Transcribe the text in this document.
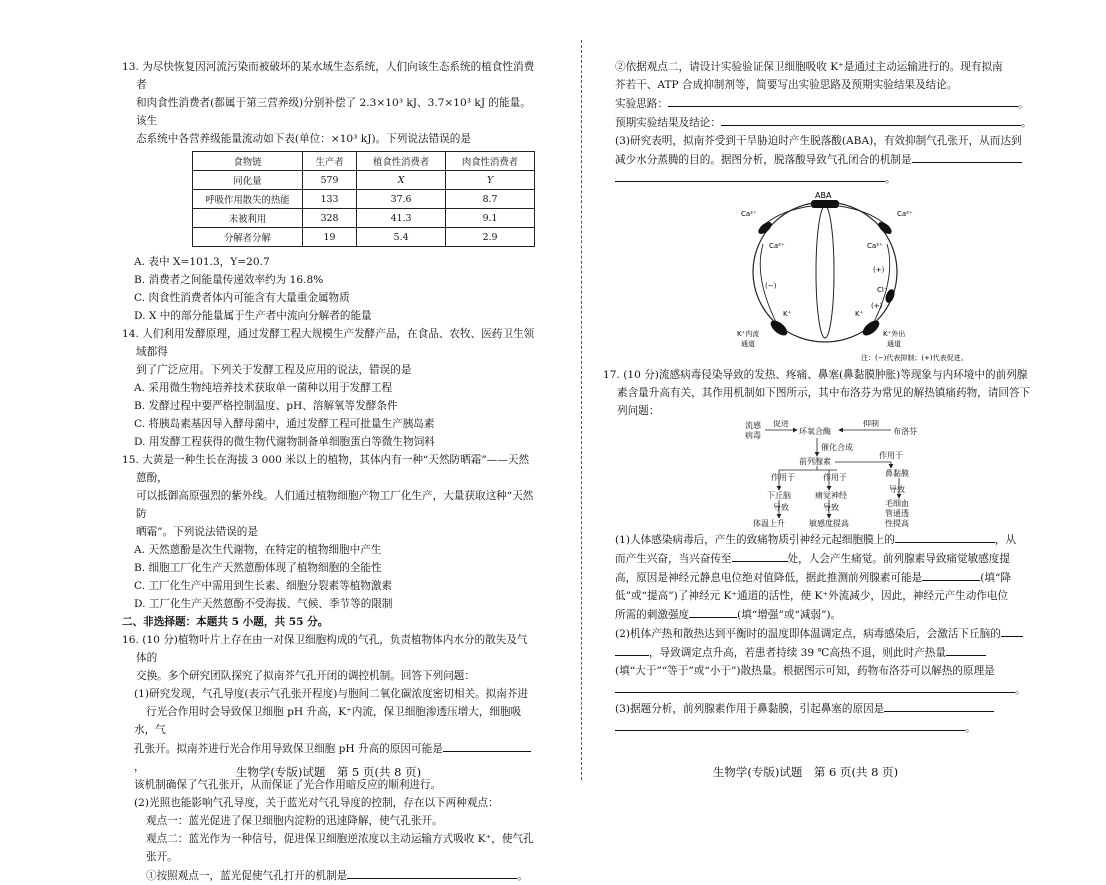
13. 为尽快恢复因河流污染而被破坏的某水域生态系统，人们向该生态系统的植食性消费者
和肉食性消费者(都属于第三营养级)分别补偿了 2.3×10³ kJ、3.7×10³ kJ 的能量。该生
态系统中各营养级能量流动如下表(单位：×10³ kJ)。下列说法错误的是

食物链	生产者	植食性消费者	肉食性消费者
同化量	579	X	Y
呼吸作用散失的热能	133	37.6	8.7
未被利用	328	41.3	9.1
分解者分解	19	5.4	2.9

A. 表中 X=101.3，Y=20.7

B. 消费者之间能量传递效率约为 16.8%

C. 肉食性消费者体内可能含有大量重金属物质

D. X 中的部分能量属于生产者中流向分解者的能量

14. 人们利用发酵原理，通过发酵工程大规模生产发酵产品，在食品、农牧、医药卫生领域都得
到了广泛应用。下列关于发酵工程及应用的说法，错误的是

A. 采用微生物纯培养技术获取单一菌种以用于发酵工程

B. 发酵过程中要严格控制温度、pH、溶解氧等发酵条件

C. 将胰岛素基因导入酵母菌中，通过发酵工程可批量生产胰岛素

D. 用发酵工程获得的微生物代谢物制备单细胞蛋白等微生物饲料

15. 大黄是一种生长在海拔 3 000 米以上的植物，其体内有一种“天然防晒霜”——天然蒽酚，
可以抵御高原强烈的紫外线。人们通过植物细胞产物工厂化生产，大量获取这种“天然防
晒霜”。下列说法错误的是

A. 天然蒽酚是次生代谢物，在特定的植物细胞中产生

B. 细胞工厂化生产天然蒽酚体现了植物细胞的全能性

C. 工厂化生产中需用到生长素、细胞分裂素等植物激素

D. 工厂化生产天然蒽酚不受海拔、气候、季节等的限制

二、非选择题：本题共 5 小题，共 55 分。

16. (10 分)植物叶片上存在由一对保卫细胞构成的气孔，负责植物体内水分的散失及气体的
交换。多个研究团队探究了拟南芥气孔开闭的调控机制。回答下列问题：

(1)研究发现，气孔导度(表示气孔张开程度)与胞间二氧化碳浓度密切相关。拟南芥进
行光合作用时会导致保卫细胞 pH 升高，K⁺内流，保卫细胞渗透压增大，细胞吸水，气
孔张开。拟南芥进行光合作用导致保卫细胞 pH 升高的原因可能是，
该机制确保了气孔张开，从而保证了光合作用暗反应的顺利进行。

(2)光照也能影响气孔导度，关于蓝光对气孔导度的控制，存在以下两种观点：

观点一：蓝光促进了保卫细胞内淀粉的迅速降解，使气孔张开。

观点二：蓝光作为一种信号，促进保卫细胞逆浓度以主动运输方式吸收 K⁺，使气孔
张开。

①按照观点一，蓝光促使气孔打开的机制是	。

生物学(专版)试题　第 5 页(共 8 页)

②依据观点二，请设计实验验证保卫细胞吸收 K⁺是通过主动运输进行的。现有拟南
芥若干、ATP 合成抑制剂等，简要写出实验思路及预期实验结果及结论。

实验思路：	。

预期实验结果及结论：	。

(3)研究表明，拟南芥受到干旱胁迫时产生脱落酸(ABA)，有效抑制气孔张开，从而达到
减少水分蒸腾的目的。据图分析，脱落酸导致气孔闭合的机制是
。

ABA
Ca²⁺	Ca²⁺
Ca²⁺	Ca²⁺
(−)
(+)
(+)
Cl⁻
K⁺	K⁺
K⁺内流
通道
K⁺外出
通道
注：(−)代表抑制；(+)代表促进。

17. (10 分)流感病毒侵染导致的发热、疼痛、鼻塞(鼻黏膜肿胀)等现象与内环境中的前列腺
素含量升高有关，其作用机制如下图所示，其中布洛芬为常见的解热镇痛药物，请回答下
列问题：

流感
病毒
促进
环氧合酶
抑制
布洛芬
催化合成
前列腺素
作用于
鼻黏膜
作用于	作用于
导致
下丘脑	痛觉神经
导致	导致	毛细血
管通透
体温上升	敏感度提高	性提高

(1)人体感染病毒后，产生的致痛物质引神经元起细胞膜上的	，从
而产生兴奋，当兴奋传至	处，人会产生痛觉。前列腺素导致痛觉敏感度提
高，原因是神经元静息电位绝对值降低，据此推测前列腺素可能是	(填“降
低”或“提高”)了神经元 K⁺通道的活性，使 K⁺外流减少，因此，神经元产生动作电位
所需的刺激强度	(填“增强”或“减弱”)。

(2)机体产热和散热达到平衡时的温度即体温调定点，病毒感染后，会激活下丘脑的
，导致调定点升高，若患者持续 39 ℃高热不退，则此时产热量
(填“大于”“等于”或“小于”)散热量。根据图示可知，药物布洛芬可以解热的原理是
。

(3)据题分析，前列腺素作用于鼻黏膜，引起鼻塞的原因是
。

生物学(专版)试题　第 6 页(共 8 页)
